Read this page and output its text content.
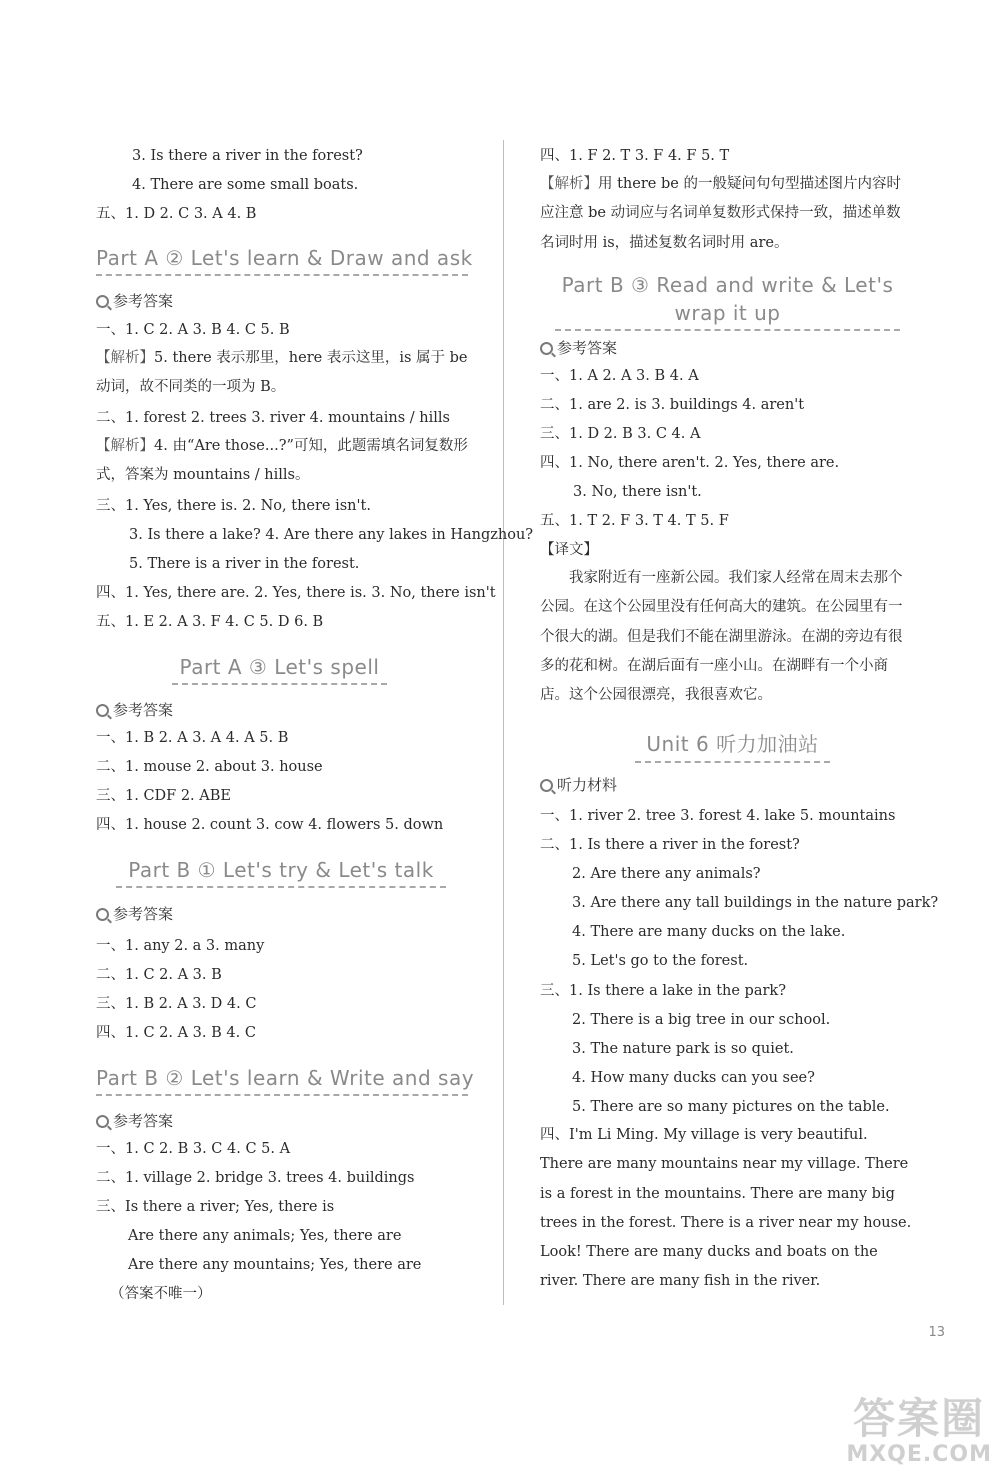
3. Is there a river in the forest?
4. There are some small boats.
五、1. D 2. C 3. A 4. B
Part A ② Let's learn & Draw and ask
参考答案
一、1. C 2. A 3. B 4. C 5. B
【解析】5. there 表示那里，here 表示这里，is 属于 be 动词，故不同类的一项为 B。
二、1. forest 2. trees 3. river 4. mountains / hills
【解析】4. 由“Are those...?”可知，此题需填名词复数形式，答案为 mountains / hills。
三、1. Yes, there is. 2. No, there isn't.
3. Is there a lake? 4. Are there any lakes in Hangzhou?
5. There is a river in the forest.
四、1. Yes, there are. 2. Yes, there is. 3. No, there isn't
五、1. E 2. A 3. F 4. C 5. D 6. B
Part A ③ Let's spell
参考答案
一、1. B 2. A 3. A 4. A 5. B
二、1. mouse 2. about 3. house
三、1. CDF 2. ABE
四、1. house 2. count 3. cow 4. flowers 5. down
Part B ① Let's try & Let's talk
参考答案
一、1. any 2. a 3. many
二、1. C 2. A 3. B
三、1. B 2. A 3. D 4. C
四、1. C 2. A 3. B 4. C
Part B ② Let's learn & Write and say
参考答案
一、1. C 2. B 3. C 4. C 5. A
二、1. village 2. bridge 3. trees 4. buildings
三、Is there a river; Yes, there is
Are there any animals; Yes, there are
Are there any mountains; Yes, there are
（答案不唯一）
四、1. F 2. T 3. F 4. F 5. T
【解析】用 there be 的一般疑问句句型描述图片内容时应注意 be 动词应与名词单复数形式保持一致，描述单数名词时用 is，描述复数名词时用 are。
Part B ③ Read and write & Let's
wrap it up
参考答案
一、1. A 2. A 3. B 4. A
二、1. are 2. is 3. buildings 4. aren't
三、1. D 2. B 3. C 4. A
四、1. No, there aren't. 2. Yes, there are.
3. No, there isn't.
五、1. T 2. F 3. T 4. T 5. F
【译文】
我家附近有一座新公园。我们家人经常在周末去那个公园。在这个公园里没有任何高大的建筑。在公园里有一个很大的湖。但是我们不能在湖里游泳。在湖的旁边有很多的花和树。在湖后面有一座小山。在湖畔有一个小商店。这个公园很漂亮，我很喜欢它。
Unit 6 听力加油站
听力材料
一、1. river 2. tree 3. forest 4. lake 5. mountains
二、1. Is there a river in the forest?
2. Are there any animals?
3. Are there any tall buildings in the nature park?
4. There are many ducks on the lake.
5. Let's go to the forest.
三、1. Is there a lake in the park?
2. There is a big tree in our school.
3. The nature park is so quiet.
4. How many ducks can you see?
5. There are so many pictures on the table.
四、I'm Li Ming. My village is very beautiful. There are many mountains near my village. There is a forest in the mountains. There are many big trees in the forest. There is a river near my house. Look! There are many ducks and boats on the river. There are many fish in the river.
13
答案圈
MXQE.COM
